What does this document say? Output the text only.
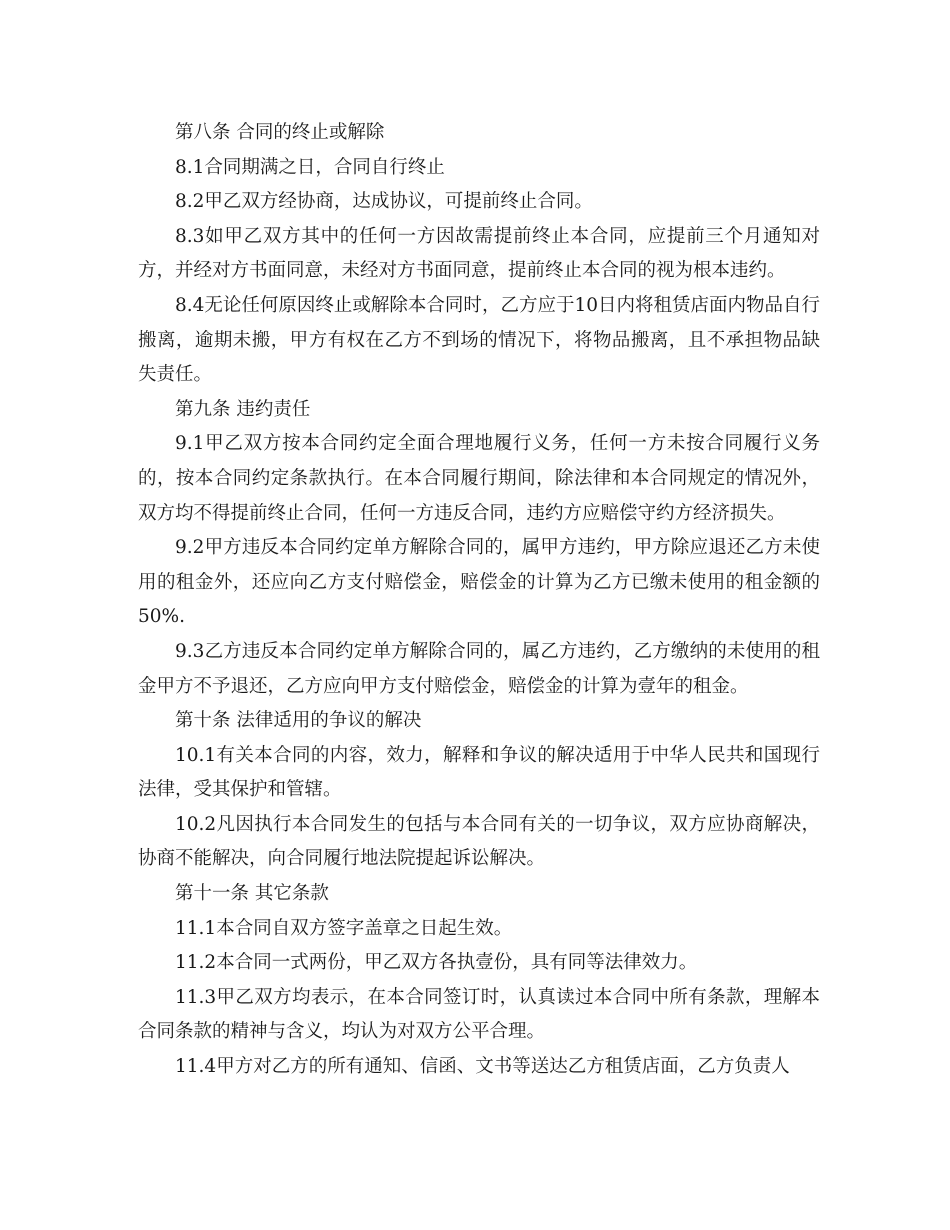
第八条 合同的终止或解除

8.1合同期满之日，合同自行终止

8.2甲乙双方经协商，达成协议，可提前终止合同。

8.3如甲乙双方其中的任何一方因故需提前终止本合同，应提前三个月通知对方，并经对方书面同意，未经对方书面同意，提前终止本合同的视为根本违约。

8.4无论任何原因终止或解除本合同时，乙方应于10日内将租赁店面内物品自行搬离，逾期未搬，甲方有权在乙方不到场的情况下，将物品搬离，且不承担物品缺失责任。

第九条 违约责任

9.1甲乙双方按本合同约定全面合理地履行义务，任何一方未按合同履行义务的，按本合同约定条款执行。在本合同履行期间，除法律和本合同规定的情况外，双方均不得提前终止合同，任何一方违反合同，违约方应赔偿守约方经济损失。

9.2甲方违反本合同约定单方解除合同的，属甲方违约，甲方除应退还乙方未使用的租金外，还应向乙方支付赔偿金，赔偿金的计算为乙方已缴未使用的租金额的50%.

9.3乙方违反本合同约定单方解除合同的，属乙方违约，乙方缴纳的未使用的租金甲方不予退还，乙方应向甲方支付赔偿金，赔偿金的计算为壹年的租金。

第十条 法律适用的争议的解决

10.1有关本合同的内容，效力，解释和争议的解决适用于中华人民共和国现行法律，受其保护和管辖。

10.2凡因执行本合同发生的包括与本合同有关的一切争议，双方应协商解决，协商不能解决，向合同履行地法院提起诉讼解决。

第十一条 其它条款

11.1本合同自双方签字盖章之日起生效。

11.2本合同一式两份，甲乙双方各执壹份，具有同等法律效力。

11.3甲乙双方均表示，在本合同签订时，认真读过本合同中所有条款，理解本合同条款的精神与含义，均认为对双方公平合理。

11.4甲方对乙方的所有通知、信函、文书等送达乙方租赁店面，乙方负责人
